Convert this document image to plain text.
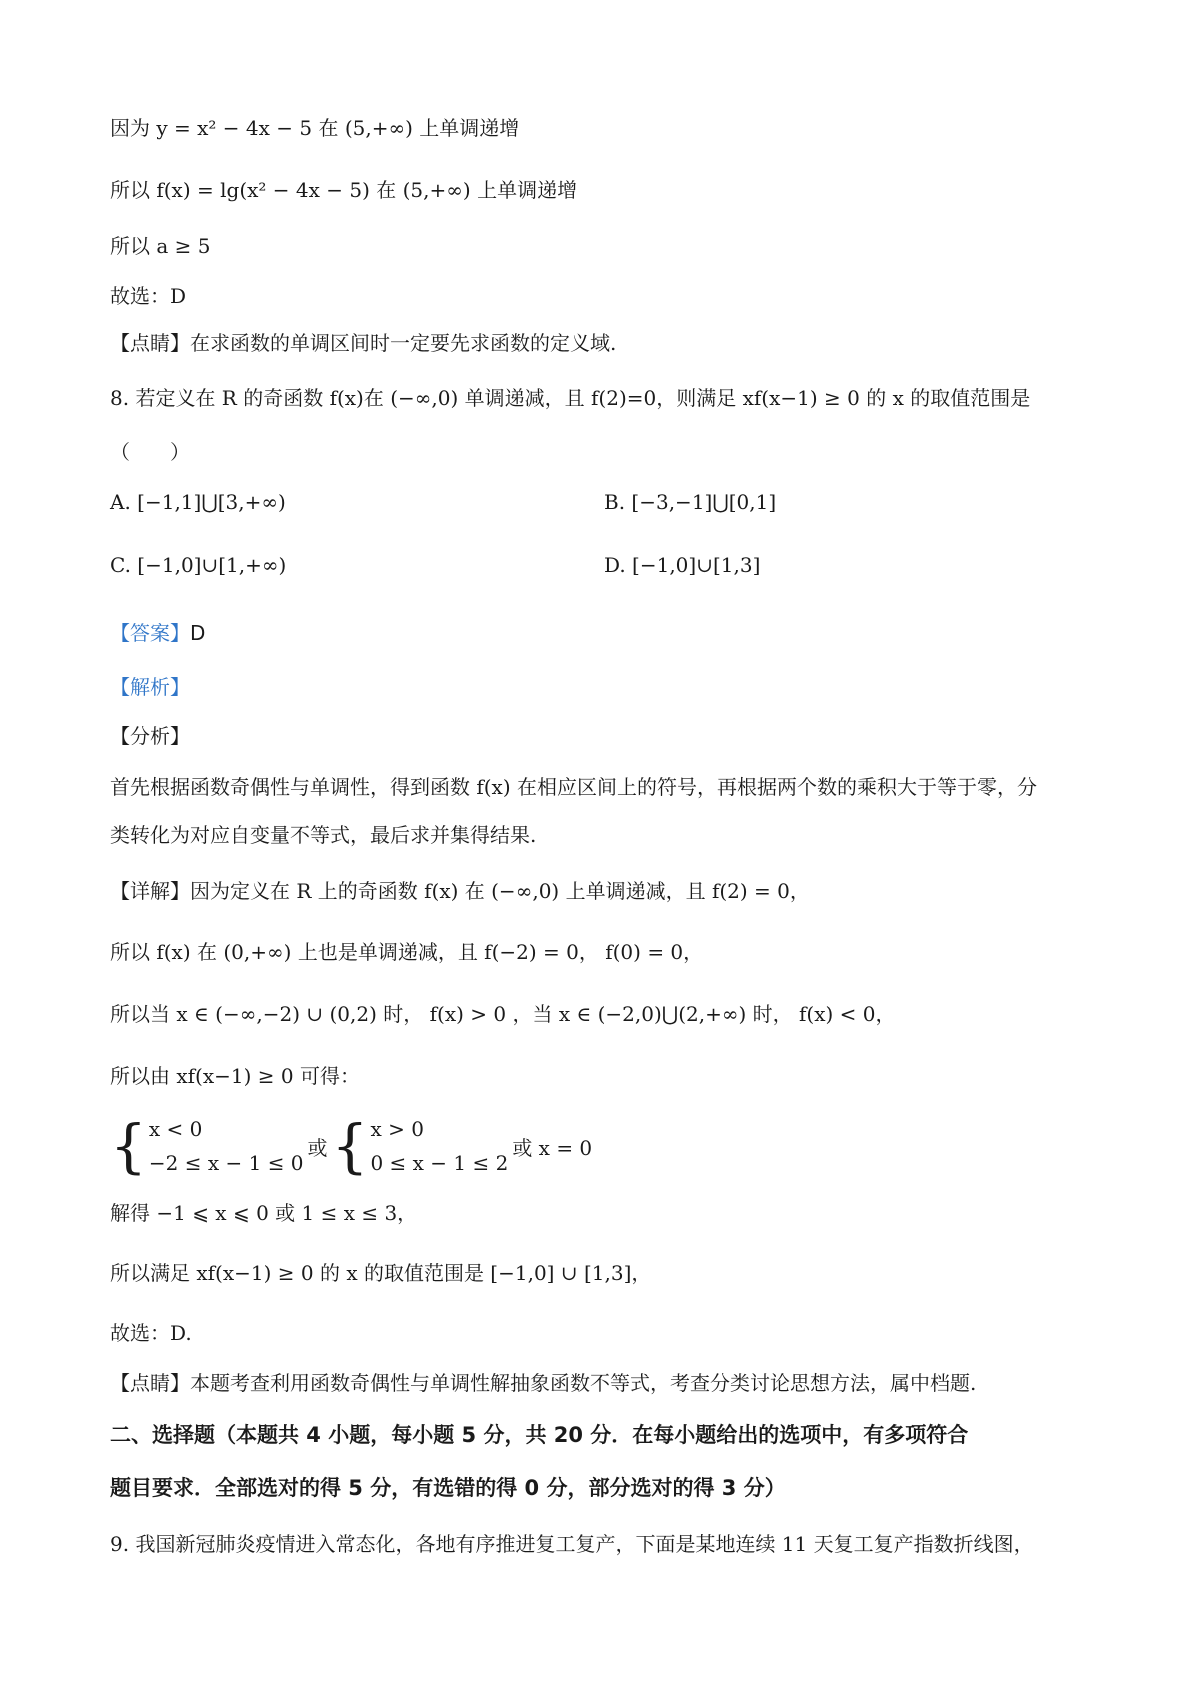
因为 y = x² − 4x − 5 在 (5,+∞) 上单调递增
所以 f(x) = lg(x² − 4x − 5) 在 (5,+∞) 上单调递增
所以 a ≥ 5
故选：D
【点睛】在求函数的单调区间时一定要先求函数的定义域.
8. 若定义在 R 的奇函数 f(x)在 (−∞,0) 单调递减，且 f(2)=0，则满足 xf(x−1) ≥ 0 的 x 的取值范围是
（　　）
A. [−1,1]⋃[3,+∞)	B. [−3,−1]⋃[0,1]
C. [−1,0]∪[1,+∞)	D. [−1,0]∪[1,3]
【答案】D
【解析】
【分析】
首先根据函数奇偶性与单调性，得到函数 f(x) 在相应区间上的符号，再根据两个数的乘积大于等于零，分
类转化为对应自变量不等式，最后求并集得结果.
【详解】因为定义在 R 上的奇函数 f(x) 在 (−∞,0) 上单调递减，且 f(2) = 0，
所以 f(x) 在 (0,+∞) 上也是单调递减，且 f(−2) = 0， f(0) = 0，
所以当 x ∈ (−∞,−2) ∪ (0,2) 时， f(x) > 0 ，当 x ∈ (−2,0)⋃(2,+∞) 时， f(x) < 0，
所以由 xf(x−1) ≥ 0 可得：
{ x < 0
−2 ≤ x − 1 ≤ 0
或 { x > 0
0 ≤ x − 1 ≤ 2
或 x = 0
解得 −1 ⩽ x ⩽ 0 或 1 ≤ x ≤ 3，
所以满足 xf(x−1) ≥ 0 的 x 的取值范围是 [−1,0] ∪ [1,3]，
故选：D.
【点睛】本题考查利用函数奇偶性与单调性解抽象函数不等式，考查分类讨论思想方法，属中档题.
二、选择题（本题共 4 小题，每小题 5 分，共 20 分．在每小题给出的选项中，有多项符合
题目要求．全部选对的得 5 分，有选错的得 0 分，部分选对的得 3 分）
9. 我国新冠肺炎疫情进入常态化，各地有序推进复工复产，下面是某地连续 11 天复工复产指数折线图，
